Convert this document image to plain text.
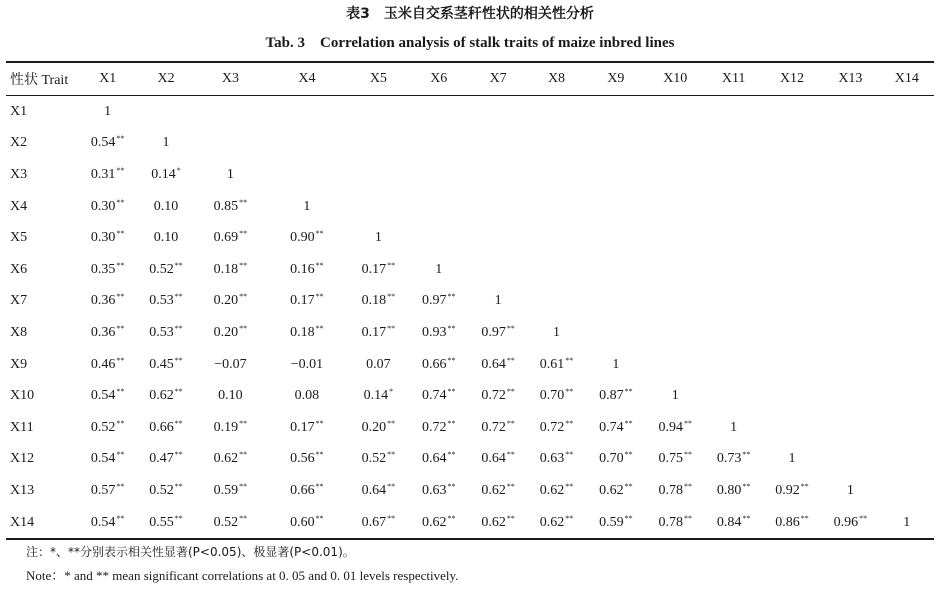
表3　玉米自交系茎秆性状的相关性分析
Tab. 3　Correlation analysis of stalk traits of maize inbred lines
性状 Trait	X1	X2	X3	X4	X5	X6	X7	X8	X9	X10	X11	X12	X13	X14
X1	1													
X2	0.54**	1												
X3	0.31**	0.14*	1											
X4	0.30**	0.10	0.85**	1										
X5	0.30**	0.10	0.69**	0.90**	1									
X6	0.35**	0.52**	0.18**	0.16**	0.17**	1								
X7	0.36**	0.53**	0.20**	0.17**	0.18**	0.97**	1							
X8	0.36**	0.53**	0.20**	0.18**	0.17**	0.93**	0.97**	1						
X9	0.46**	0.45**	−0.07	−0.01	0.07	0.66**	0.64**	0.61**	1					
X10	0.54**	0.62**	0.10	0.08	0.14*	0.74**	0.72**	0.70**	0.87**	1				
X11	0.52**	0.66**	0.19**	0.17**	0.20**	0.72**	0.72**	0.72**	0.74**	0.94**	1			
X12	0.54**	0.47**	0.62**	0.56**	0.52**	0.64**	0.64**	0.63**	0.70**	0.75**	0.73**	1		
X13	0.57**	0.52**	0.59**	0.66**	0.64**	0.63**	0.62**	0.62**	0.62**	0.78**	0.80**	0.92**	1	
X14	0.54**	0.55**	0.52**	0.60**	0.67**	0.62**	0.62**	0.62**	0.59**	0.78**	0.84**	0.86**	0.96**	1
注：*、**分别表示相关性显著(P<0.05)、极显著(P<0.01)。
Note：* and ** mean significant correlations at 0. 05 and 0. 01 levels respectively.
